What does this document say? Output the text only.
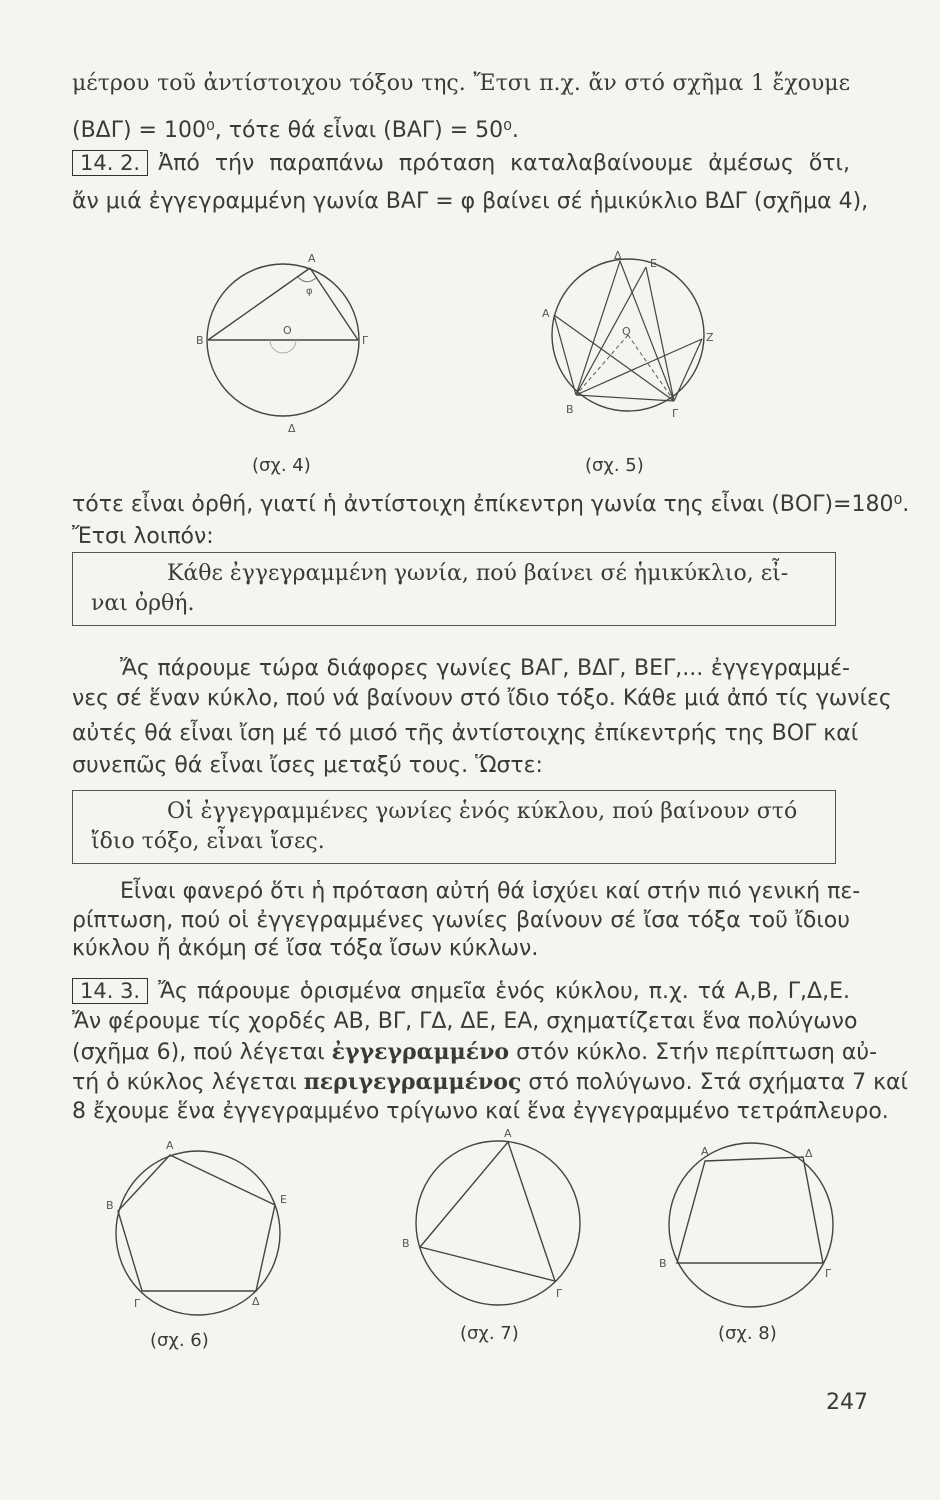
μέτρου τοῦ ἀντίστοιχου τόξου της. Ἔτσι π.χ. ἄν στό σχῆμα 1 ἔχουμε
(ΒΔΓ) = 100⁰, τότε θά εἶναι (ΒΑΓ) = 50⁰.
14. 2. Ἀπό τήν παραπάνω πρόταση καταλαβαίνουμε ἀμέσως ὅτι,
ἄν μιά ἐγγεγραμμένη γωνία ΒΑΓ = φ βαίνει σέ ἡμικύκλιο ΒΔΓ (σχῆμα 4),
Α
Β	Γ
Δ
Ο
φ
(σχ. 4)
Δ
Ε
Α
Ζ
Ο
Β	Γ
(σχ. 5)
τότε εἶναι ὀρθή, γιατί ἡ ἀντίστοιχη ἐπίκεντρη γωνία της εἶναι (ΒΟΓ)=180⁰.
Ἔτσι λοιπόν:
Κάθε ἐγγεγραμμένη γωνία, πού βαίνει σέ ἡμικύκλιο, εἶ-
ναι ὀρθή.
Ἄς πάρουμε τώρα διάφορες γωνίες ΒΑΓ, ΒΔΓ, ΒΕΓ,... ἐγγεγραμμέ-
νες σέ ἕναν κύκλο, πού νά βαίνουν στό ἴδιο τόξο. Κάθε μιά ἀπό τίς γωνίες
αὐτές θά εἶναι ἴση μέ τό μισό τῆς ἀντίστοιχης ἐπίκεντρής της ΒΟΓ καί
συνεπῶς θά εἶναι ἴσες μεταξύ τους. Ὥστε:
Οἱ ἐγγεγραμμένες γωνίες ἑνός κύκλου, πού βαίνουν στό
ἴδιο τόξο, εἶναι ἴσες.
Εἶναι φανερό ὅτι ἡ πρόταση αὐτή θά ἰσχύει καί στήν πιό γενική πε-
ρίπτωση, πού οἱ ἐγγεγραμμένες γωνίες βαίνουν σέ ἴσα τόξα τοῦ ἴδιου
κύκλου ἤ ἀκόμη σέ ἴσα τόξα ἴσων κύκλων.
14. 3. Ἄς πάρουμε ὁρισμένα σημεῖα ἑνός κύκλου, π.χ. τά Α,Β, Γ,Δ,Ε.
Ἄν φέρουμε τίς χορδές ΑΒ, ΒΓ, ΓΔ, ΔΕ, ΕΑ, σχηματίζεται ἕνα πολύγωνο
(σχῆμα 6), πού λέγεται ἐγγεγραμμένο στόν κύκλο. Στήν περίπτωση αὐ-
τή ὁ κύκλος λέγεται περιγεγραμμένος στό πολύγωνο. Στά σχήματα 7 καί
8 ἔχουμε ἕνα ἐγγεγραμμένο τρίγωνο καί ἕνα ἐγγεγραμμένο τετράπλευρο.
Α
Β	Ε
Γ	Δ
(σχ. 6)
Α
Β
Γ
(σχ. 7)
Α	Δ
Β
Γ
(σχ. 8)
247
